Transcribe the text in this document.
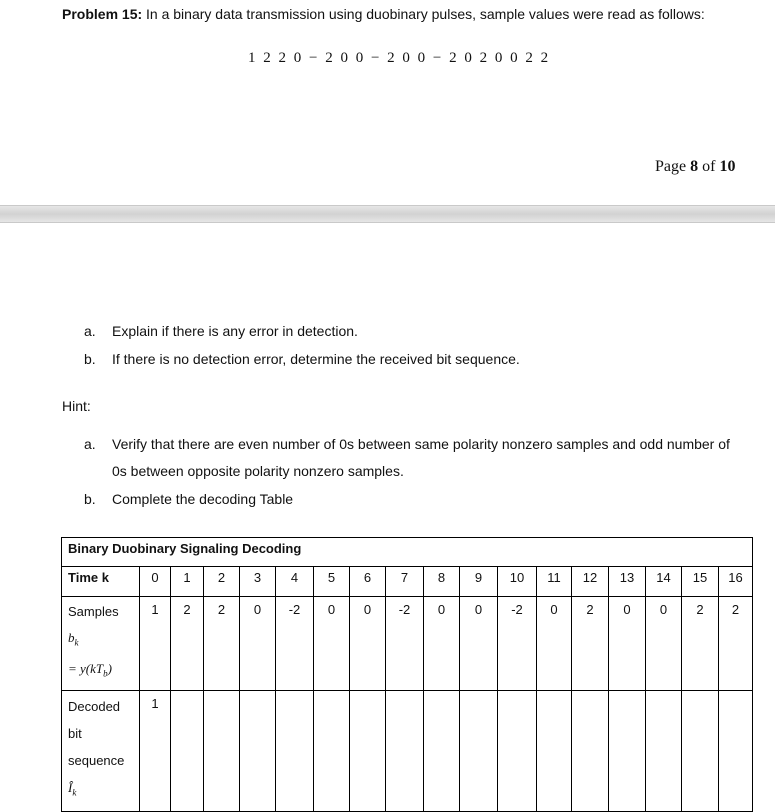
Problem 15: In a binary data transmission using duobinary pulses, sample values were read as follows:
1 2 2 0 − 2 0 0 − 2 0 0 − 2 0 2 0 0 2 2
Page 8 of 10
a. Explain if there is any error in detection.
b. If there is no detection error, determine the received bit sequence.
Hint:
a. Verify that there are even number of 0s between same polarity nonzero samples and odd number of
0s between opposite polarity nonzero samples.
b. Complete the decoding Table
Binary Duobinary Signaling Decoding																	
Time k	0	1	2	3	4	5	6	7	8	9	10	11	12	13	14	15	16

Samples
$b_k$
= $y(kT_b)$	1	2	2	0	-2	0	0	-2	0	0	-2	0	2	0	0	2	2

Decoded
bit
sequence
$Î_k$	1																
